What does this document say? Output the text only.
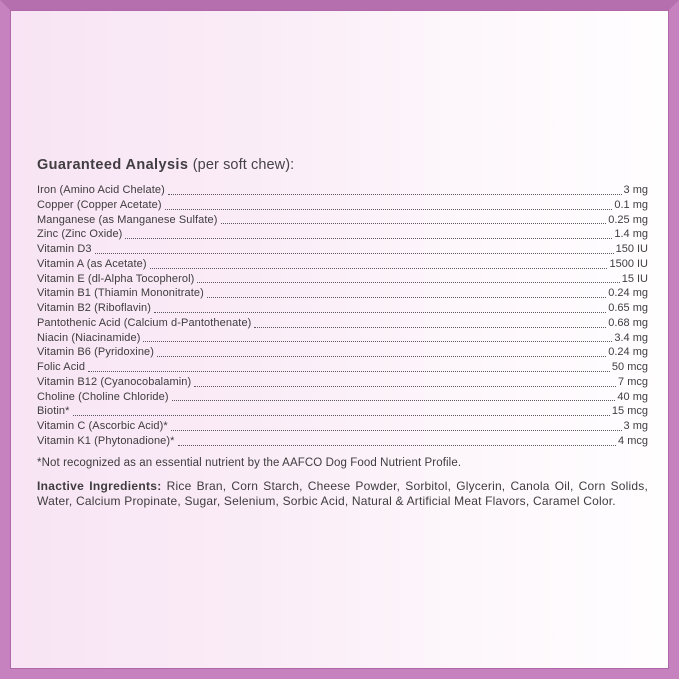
Guaranteed Analysis (per soft chew):
Iron (Amino Acid Chelate)	3 mg
Copper (Copper Acetate)	0.1 mg
Manganese (as Manganese Sulfate)	0.25 mg
Zinc (Zinc Oxide)	1.4 mg
Vitamin D3	150 IU
Vitamin A (as Acetate)	1500 IU
Vitamin E (dl-Alpha Tocopherol)	15 IU
Vitamin B1 (Thiamin Mononitrate)	0.24 mg
Vitamin B2 (Riboflavin)	0.65 mg
Pantothenic Acid (Calcium d-Pantothenate)	0.68 mg
Niacin (Niacinamide)	3.4 mg
Vitamin B6 (Pyridoxine)	0.24 mg
Folic Acid	50 mcg
Vitamin B12 (Cyanocobalamin)	7 mcg
Choline (Choline Chloride)	40 mg
Biotin*	15 mcg
Vitamin C (Ascorbic Acid)*	3 mg
Vitamin K1 (Phytonadione)*	4 mcg

*Not recognized as an essential nutrient by the AAFCO Dog Food Nutrient Profile.

Inactive Ingredients: Rice Bran, Corn Starch, Cheese Powder, Sorbitol, Glycerin, Canola Oil, Corn Solids, Water, Calcium Propinate, Sugar, Selenium, Sorbic Acid, Natural & Artificial Meat Flavors, Caramel Color.
